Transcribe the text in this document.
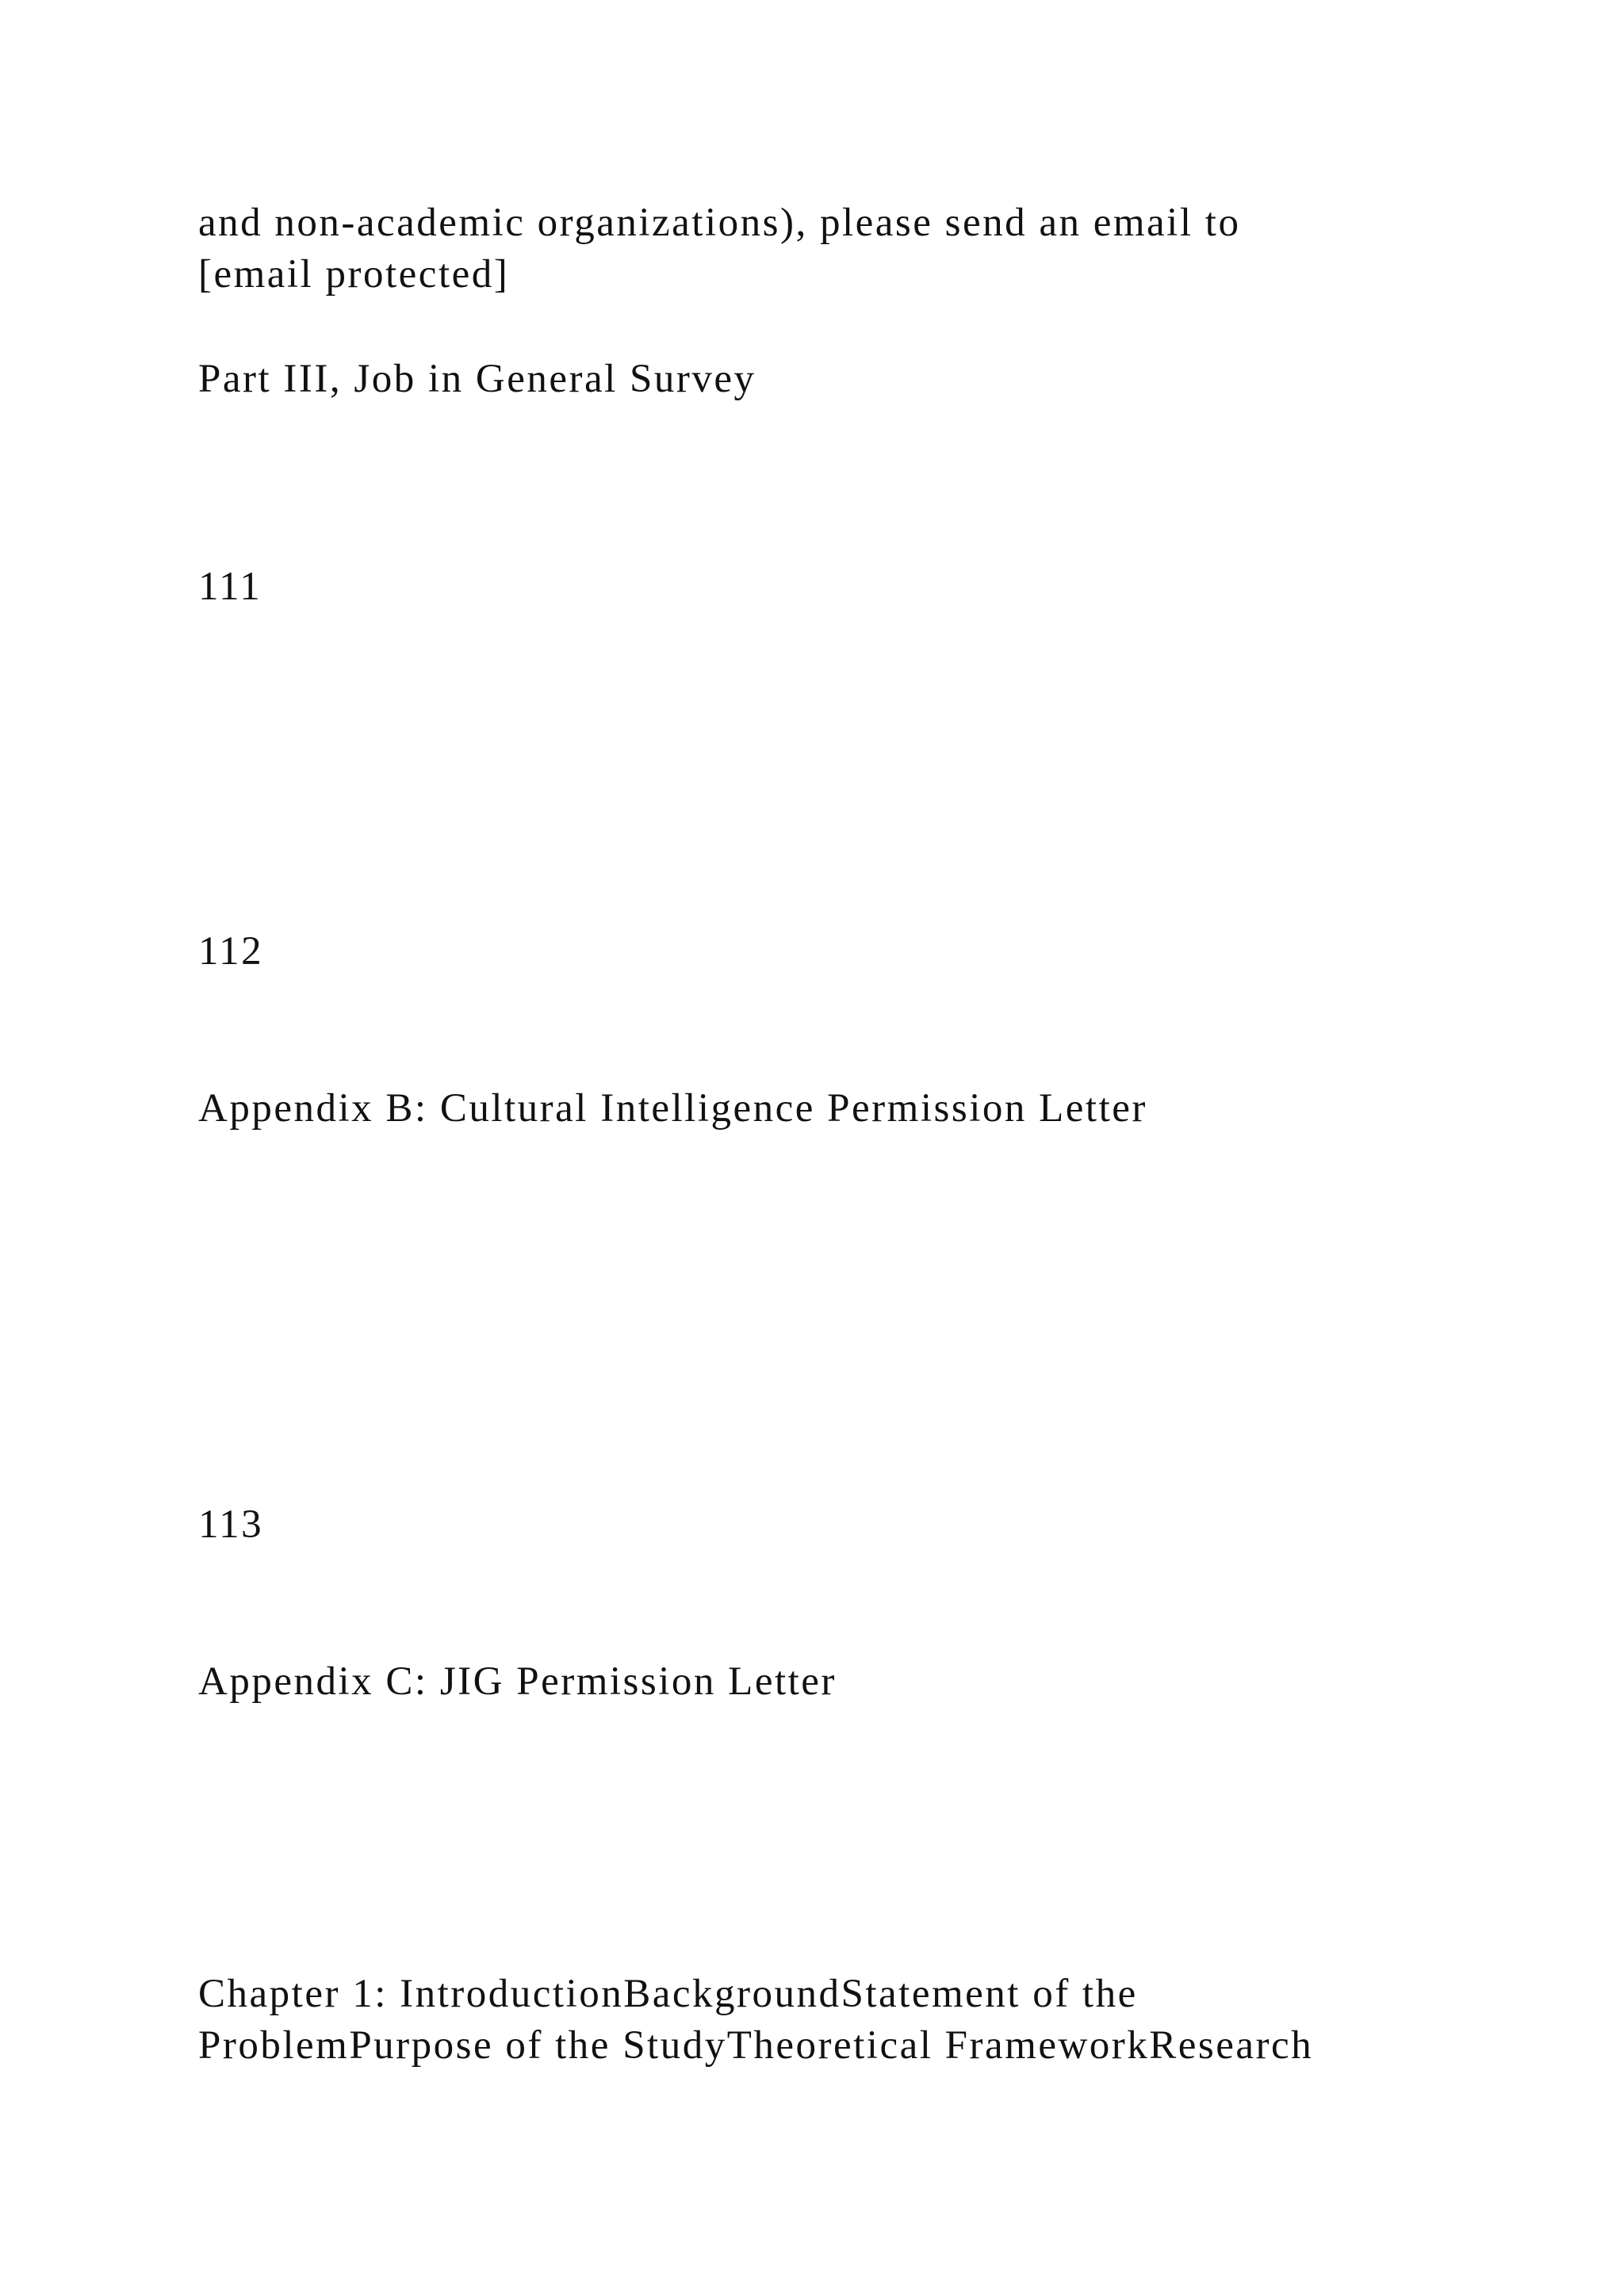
and non-academic organizations), please send an email to
[email protected]
Part III, Job in General Survey
111
112
Appendix B: Cultural Intelligence Permission Letter
113
Appendix C: JIG Permission Letter
Chapter 1: IntroductionBackgroundStatement of the
ProblemPurpose of the StudyTheoretical FrameworkResearch
